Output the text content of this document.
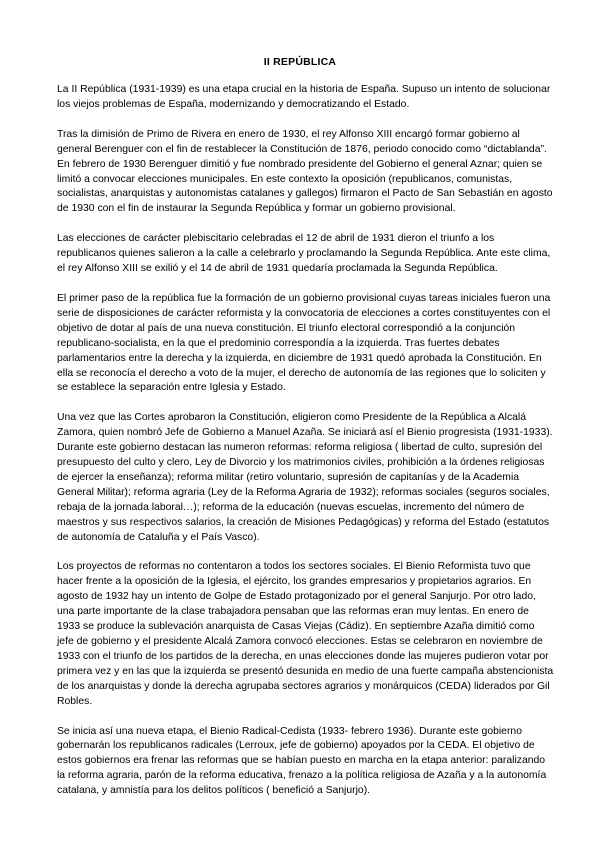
II REPÚBLICA

La II República (1931-1939) es una etapa crucial en la historia de España. Supuso un intento de solucionar los viejos problemas de España, modernizando y democratizando el Estado.

Tras la dimisión de Primo de Rivera en enero de 1930, el rey Alfonso XIII encargó formar gobierno al general Berenguer con el fin de restablecer la Constitución de 1876, periodo conocido como “dictablanda”. En febrero de 1930 Berenguer dimitió y fue nombrado presidente del Gobierno el general Aznar; quien se limitó a convocar elecciones municipales. En este contexto la oposición (republicanos, comunistas, socialistas, anarquistas y autonomistas catalanes y gallegos) firmaron el Pacto de San Sebastián en agosto de 1930 con el fin de instaurar la Segunda República y formar un gobierno provisional.

Las elecciones de carácter plebiscitario celebradas el 12 de abril de 1931 dieron el triunfo a los republicanos quienes salieron a la calle a celebrarlo y proclamando la Segunda República. Ante este clima, el rey Alfonso XIII se exilió y el 14 de abril de 1931 quedaría proclamada la Segunda República.

El primer paso de la república fue la formación de un gobierno provisional cuyas tareas iniciales fueron una serie de disposiciones de carácter reformista y la convocatoria de elecciones a cortes constituyentes con el objetivo de dotar al país de una nueva constitución. El triunfo electoral correspondió a la conjunción republicano-socialista, en la que el predominio correspondía a la izquierda. Tras fuertes debates parlamentarios entre la derecha y la izquierda, en diciembre de 1931 quedó aprobada la Constitución. En ella se reconocía el derecho a voto de la mujer, el derecho de autonomía de las regiones que lo soliciten y se establece la separación entre Iglesia y Estado.

Una vez que las Cortes aprobaron la Constitución, eligieron como Presidente de la República a Alcalá Zamora, quien nombró Jefe de Gobierno a Manuel Azaña. Se iniciará así el Bienio progresista (1931-1933). Durante este gobierno destacan las numeron reformas: reforma religiosa ( libertad de culto, supresión del presupuesto del culto y clero, Ley de Divorcio y los matrimonios civiles, prohibición a la órdenes religiosas de ejercer la enseñanza); reforma militar (retiro voluntario, supresión de capitanías y de la Academia General Militar); reforma agraria (Ley de la Reforma Agraria de 1932); reformas sociales (seguros sociales, rebaja de la jornada laboral…); reforma de la educación (nuevas escuelas, incremento del número de maestros y sus respectivos salarios, la creación de Misiones Pedagógicas) y reforma del Estado (estatutos de autonomía de Cataluña y el País Vasco).

Los proyectos de reformas no contentaron a todos los sectores sociales. El Bienio Reformista tuvo que hacer frente a la oposición de la Iglesia, el ejército, los grandes empresarios y propietarios agrarios. En agosto de 1932 hay un intento de Golpe de Estado protagonizado por el general Sanjurjo. Por otro lado, una parte importante de la clase trabajadora pensaban que las reformas eran muy lentas. En enero de 1933 se produce la sublevación anarquista de Casas Viejas (Cádiz). En septiembre Azaña dimitió como jefe de gobierno y el presidente Alcalá Zamora convocó elecciones. Estas se celebraron en noviembre de 1933 con el triunfo de los partidos de la derecha, en unas elecciones donde las mujeres pudieron votar por primera vez y en las que la izquierda se presentó desunida en medio de una fuerte campaña abstencionista de los anarquistas y donde la derecha agrupaba sectores agrarios y monárquicos (CEDA) liderados por Gil Robles.

Se inicia así una nueva etapa, el Bienio Radical-Cedista (1933- febrero 1936). Durante este gobierno gobernarán los republicanos radicales (Lerroux, jefe de gobierno) apoyados por la CEDA. El objetivo de estos gobiernos era frenar las reformas que se habían puesto en marcha en la etapa anterior: paralizando la reforma agraria, parón de la reforma educativa, frenazo a la política religiosa de Azaña y a la autonomía catalana, y amnistía para los delitos políticos ( benefició a Sanjurjo).
